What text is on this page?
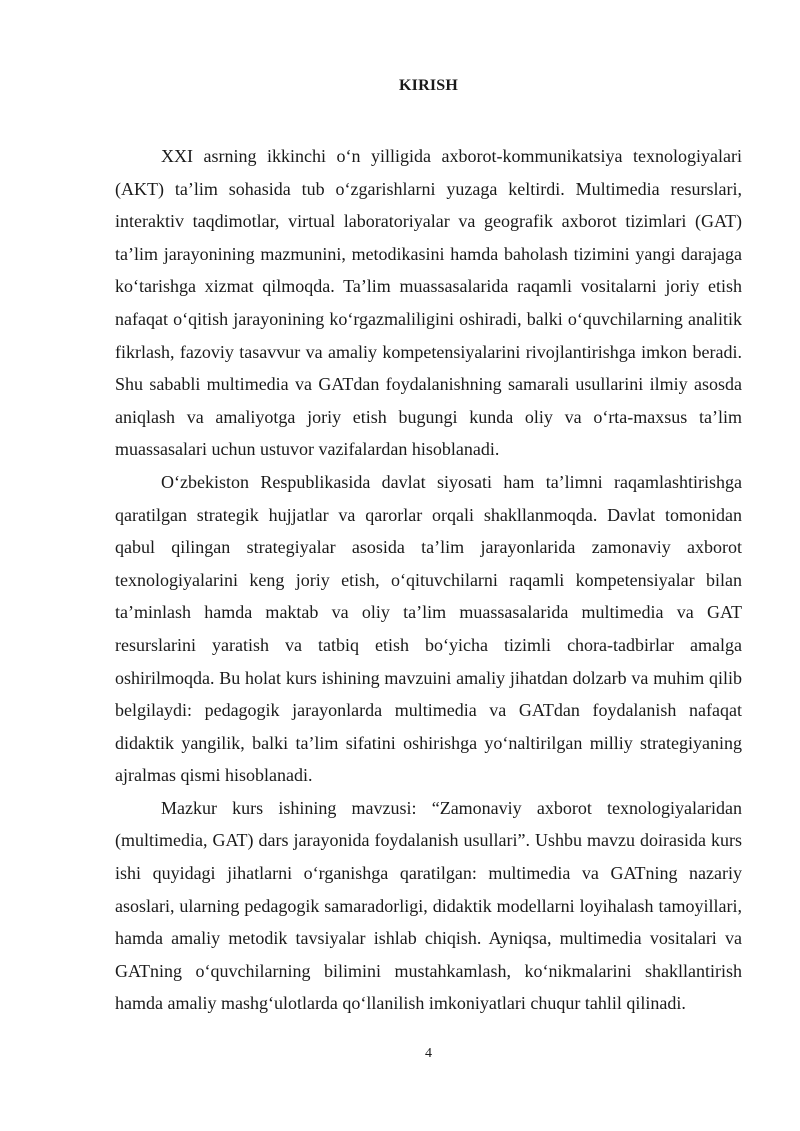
KIRISH

XXI asrning ikkinchi o‘n yilligida axborot-kommunikatsiya texnologiyalari (AKT) ta’lim sohasida tub o‘zgarishlarni yuzaga keltirdi. Multimedia resurslari, interaktiv taqdimotlar, virtual laboratoriyalar va geografik axborot tizimlari (GAT) ta’lim jarayonining mazmunini, metodikasini hamda baholash tizimini yangi darajaga ko‘tarishga xizmat qilmoqda. Ta’lim muassasalarida raqamli vositalarni joriy etish nafaqat o‘qitish jarayonining ko‘rgazmaliligini oshiradi, balki o‘quvchilarning analitik fikrlash, fazoviy tasavvur va amaliy kompetensiyalarini rivojlantirishga imkon beradi. Shu sababli multimedia va GATdan foydalanishning samarali usullarini ilmiy asosda aniqlash va amaliyotga joriy etish bugungi kunda oliy va o‘rta-maxsus ta’lim muassasalari uchun ustuvor vazifalardan hisoblanadi.

O‘zbekiston Respublikasida davlat siyosati ham ta’limni raqamlashtirishga qaratilgan strategik hujjatlar va qarorlar orqali shakllanmoqda. Davlat tomonidan qabul qilingan strategiyalar asosida ta’lim jarayonlarida zamonaviy axborot texnologiyalarini keng joriy etish, o‘qituvchilarni raqamli kompetensiyalar bilan ta’minlash hamda maktab va oliy ta’lim muassasalarida multimedia va GAT resurslarini yaratish va tatbiq etish bo‘yicha tizimli chora-tadbirlar amalga oshirilmoqda. Bu holat kurs ishining mavzuini amaliy jihatdan dolzarb va muhim qilib belgilaydi: pedagogik jarayonlarda multimedia va GATdan foydalanish nafaqat didaktik yangilik, balki ta’lim sifatini oshirishga yo‘naltirilgan milliy strategiyaning ajralmas qismi hisoblanadi.

Mazkur kurs ishining mavzusi: “Zamonaviy axborot texnologiyalaridan (multimedia, GAT) dars jarayonida foydalanish usullari”. Ushbu mavzu doirasida kurs ishi quyidagi jihatlarni o‘rganishga qaratilgan: multimedia va GATning nazariy asoslari, ularning pedagogik samaradorligi, didaktik modellarni loyihalash tamoyillari, hamda amaliy metodik tavsiyalar ishlab chiqish. Ayniqsa, multimedia vositalari va GATning o‘quvchilarning bilimini mustahkamlash, ko‘nikmalarini shakllantirish hamda amaliy mashg‘ulotlarda qo‘llanilish imkoniyatlari chuqur tahlil qilinadi.

4
